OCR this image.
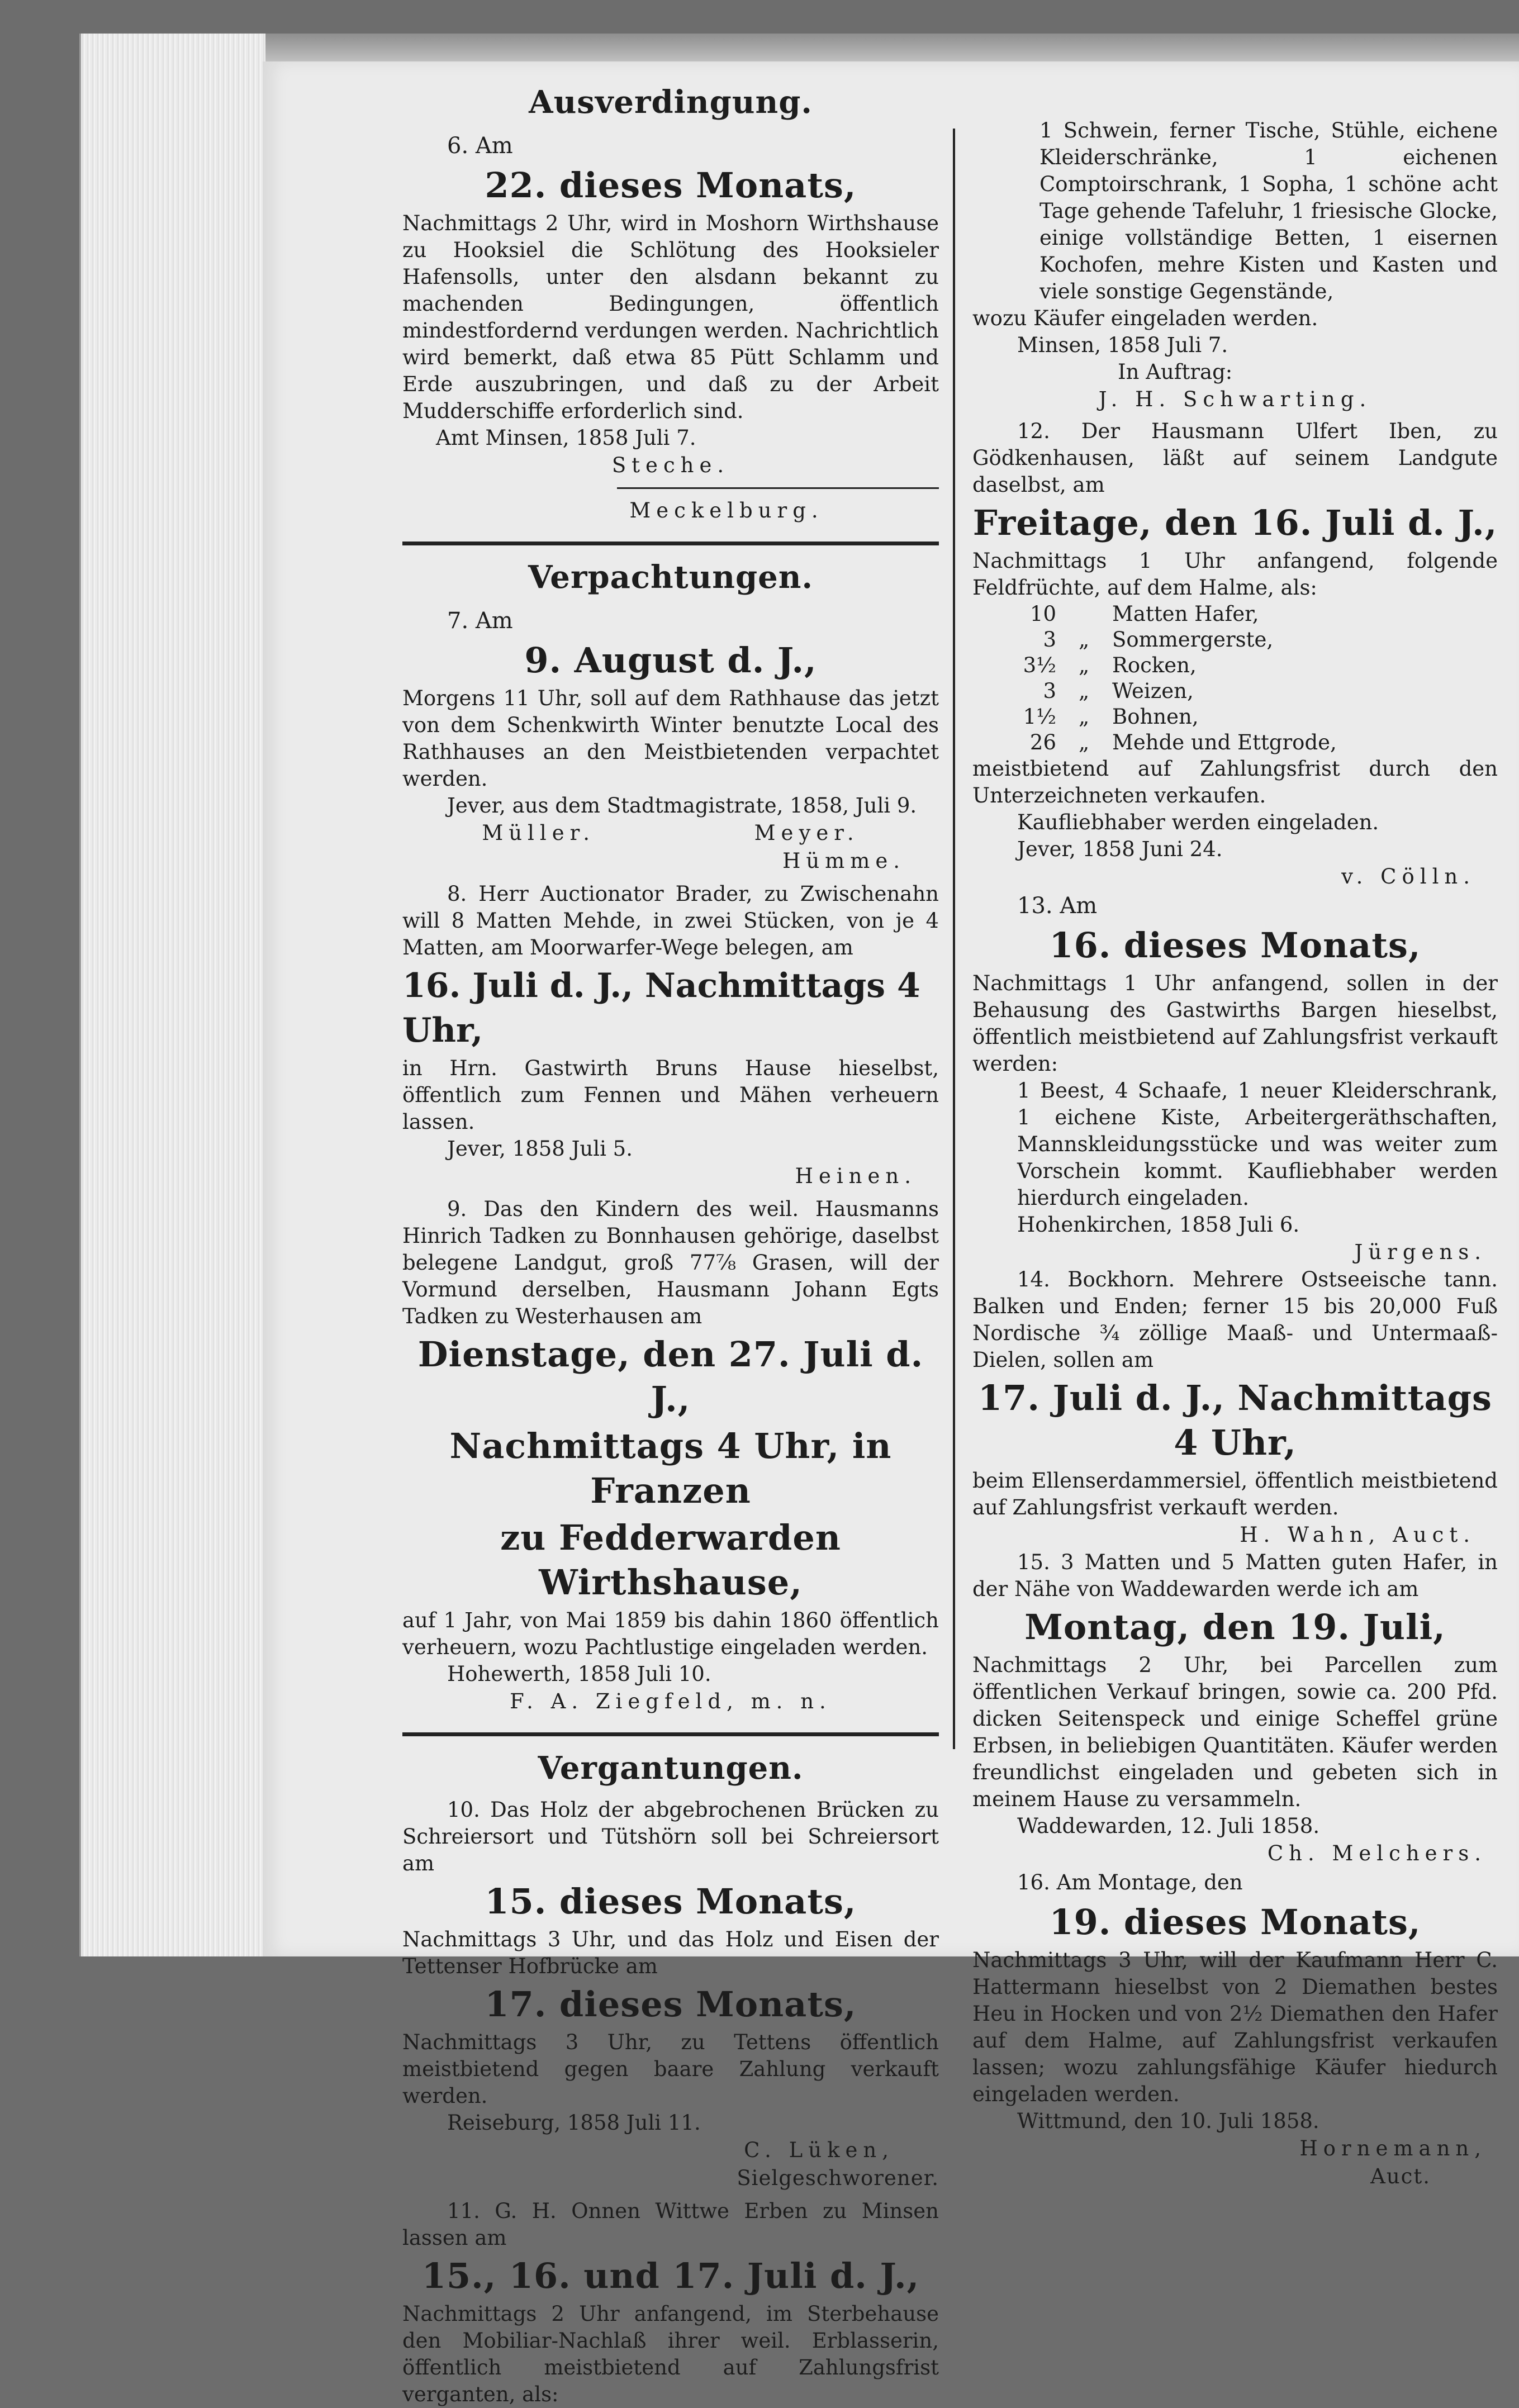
Ausverdingung.

6. Am

22. dieses Monats,

Nachmittags 2 Uhr, wird in Moshorn Wirthshause zu Hooksiel die Schlötung des Hooksieler Hafensolls, unter den alsdann bekannt zu machenden Bedingungen, öffentlich mindestfordernd verdungen werden. Nachrichtlich wird bemerkt, daß etwa 85 Pütt Schlamm und Erde auszubringen, und daß zu der Arbeit Mudderschiffe erforderlich sind.

Amt Minsen, 1858 Juli 7.

Steche.

Meckelburg.

Verpachtungen.

7. Am

9. August d. J.,

Morgens 11 Uhr, soll auf dem Rathhause das jetzt von dem Schenkwirth Winter benutzte Local des Rathhauses an den Meistbietenden verpachtet werden.

Jever, aus dem Stadtmagistrate, 1858, Juli 9.

Müller.	Meyer.

Hümme.

8. Herr Auctionator Brader, zu Zwischenahn will 8 Matten Mehde, in zwei Stücken, von je 4 Matten, am Moorwarfer-Wege belegen, am

16. Juli d. J., Nachmittags 4 Uhr,

in Hrn. Gastwirth Bruns Hause hieselbst, öffentlich zum Fennen und Mähen verheuern lassen.

Jever, 1858 Juli 5.

Heinen.

9. Das den Kindern des weil. Hausmanns Hinrich Tadken zu Bonnhausen gehörige, daselbst belegene Landgut, groß 77⅞ Grasen, will der Vormund derselben, Hausmann Johann Egts Tadken zu Westerhausen am

Dienstage, den 27. Juli d. J.,
Nachmittags 4 Uhr, in Franzen
zu Fedderwarden Wirthshause,

auf 1 Jahr, von Mai 1859 bis dahin 1860 öffentlich verheuern, wozu Pachtlustige eingeladen werden.

Hohewerth, 1858 Juli 10.

F. A. Ziegfeld, m. n.

Vergantungen.

10. Das Holz der abgebrochenen Brücken zu Schreiersort und Tütshörn soll bei Schreiersort am

15. dieses Monats,

Nachmittags 3 Uhr, und das Holz und Eisen der Tettenser Hofbrücke am

17. dieses Monats,

Nachmittags 3 Uhr, zu Tettens öffentlich meistbietend gegen baare Zahlung verkauft werden.

Reiseburg, 1858 Juli 11.

C. Lüken,

Sielgeschworener.

11. G. H. Onnen Wittwe Erben zu Minsen lassen am

15., 16. und 17. Juli d. J.,

Nachmittags 2 Uhr anfangend, im Sterbehause den Mobiliar-Nachlaß ihrer weil. Erblasserin, öffentlich meistbietend auf Zahlungsfrist verganten, als:

1 Schwein, ferner Tische, Stühle, eichene Kleiderschränke, 1 eichenen Comptoirschrank, 1 Sopha, 1 schöne acht Tage gehende Tafeluhr, 1 friesische Glocke, einige vollständige Betten, 1 eisernen Kochofen, mehre Kisten und Kasten und viele sonstige Gegenstände,

wozu Käufer eingeladen werden.

Minsen, 1858 Juli 7.

In Auftrag:

J. H. Schwarting.

12. Der Hausmann Ulfert Iben, zu Gödkenhausen, läßt auf seinem Landgute daselbst, am

Freitage, den 16. Juli d. J.,

Nachmittags 1 Uhr anfangend, folgende Feldfrüchte, auf dem Halme, als:

10	Matten Hafer,
3	„	Sommergerste,
3½	„	Rocken,
3	„	Weizen,
1½	„	Bohnen,
26	„	Mehde und Ettgrode,

meistbietend auf Zahlungsfrist durch den Unterzeichneten verkaufen.

Kaufliebhaber werden eingeladen.

Jever, 1858 Juni 24.

v. Cölln.

13. Am

16. dieses Monats,

Nachmittags 1 Uhr anfangend, sollen in der Behausung des Gastwirths Bargen hieselbst, öffentlich meistbietend auf Zahlungsfrist verkauft werden:

1 Beest, 4 Schaafe, 1 neuer Kleiderschrank, 1 eichene Kiste, Arbeitergeräthschaften, Mannskleidungsstücke und was weiter zum Vorschein kommt. Kaufliebhaber werden hierdurch eingeladen.

Hohenkirchen, 1858 Juli 6.

Jürgens.

14. Bockhorn. Mehrere Ostseeische tann. Balken und Enden; ferner 15 bis 20,000 Fuß Nordische ¾ zöllige Maaß- und Untermaaß-Dielen, sollen am

17. Juli d. J., Nachmittags 4 Uhr,

beim Ellenserdammersiel, öffentlich meistbietend auf Zahlungsfrist verkauft werden.

H. Wahn, Auct.

15. 3 Matten und 5 Matten guten Hafer, in der Nähe von Waddewarden werde ich am

Montag, den 19. Juli,

Nachmittags 2 Uhr, bei Parcellen zum öffentlichen Verkauf bringen, sowie ca. 200 Pfd. dicken Seitenspeck und einige Scheffel grüne Erbsen, in beliebigen Quantitäten. Käufer werden freundlichst eingeladen und gebeten sich in meinem Hause zu versammeln.

Waddewarden, 12. Juli 1858.

Ch. Melchers.

16. Am Montage, den

19. dieses Monats,

Nachmittags 3 Uhr, will der Kaufmann Herr C. Hattermann hieselbst von 2 Diemathen bestes Heu in Hocken und von 2½ Diemathen den Hafer auf dem Halme, auf Zahlungsfrist verkaufen lassen; wozu zahlungsfähige Käufer hiedurch eingeladen werden.

Wittmund, den 10. Juli 1858.

Hornemann,

Auct.
